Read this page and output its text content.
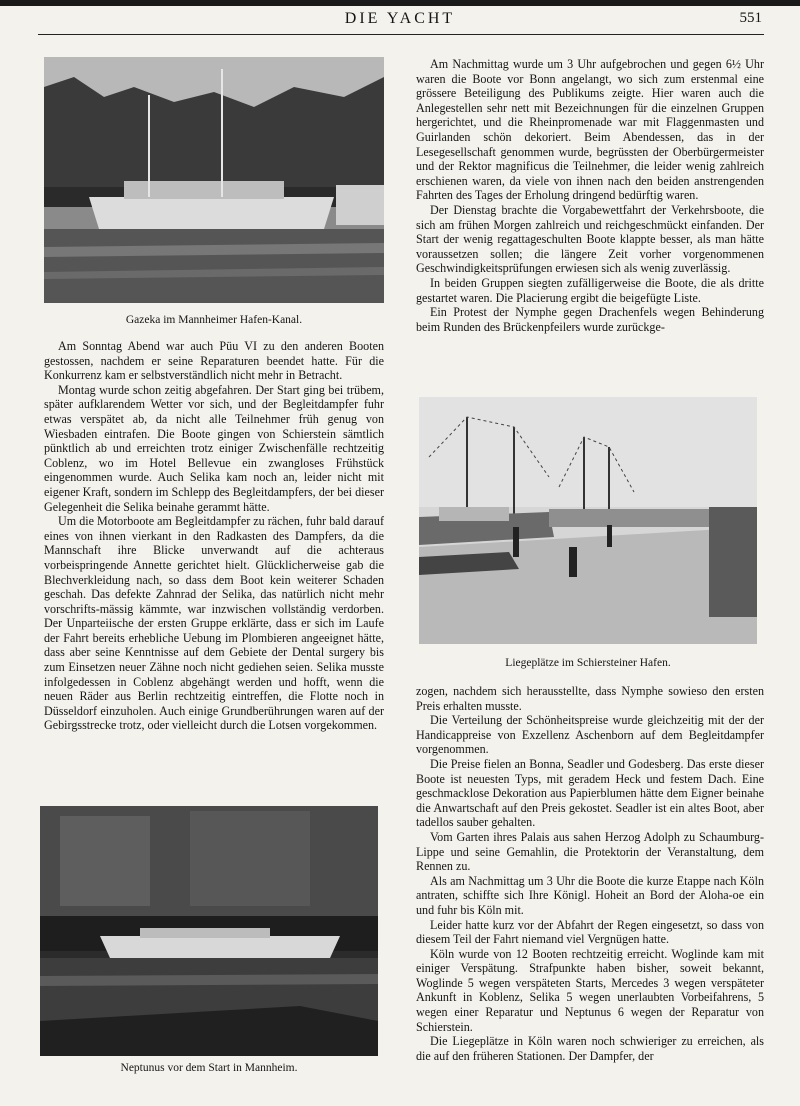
DIE YACHT	551
Gazeka im Mannheimer Hafen-Kanal.

Am Sonntag Abend war auch Püu VI zu den anderen Booten gestossen, nachdem er seine Reparaturen beendet hatte. Für die Konkurrenz kam er selbstverständlich nicht mehr in Betracht.

Montag wurde schon zeitig abgefahren. Der Start ging bei trübem, später aufklarendem Wetter vor sich, und der Begleitdampfer fuhr etwas verspätet ab, da nicht alle Teilnehmer früh genug von Wiesbaden eintrafen. Die Boote gingen von Schierstein sämtlich pünktlich ab und erreichten trotz einiger Zwischenfälle rechtzeitig Coblenz, wo im Hotel Bellevue ein zwangloses Frühstück eingenommen wurde. Auch Selika kam noch an, leider nicht mit eigener Kraft, sondern im Schlepp des Begleitdampfers, der bei dieser Gelegenheit die Selika beinahe gerammt hätte.

Um die Motorboote am Begleitdampfer zu rächen, fuhr bald darauf eines von ihnen vierkant in den Radkasten des Dampfers, da die Mannschaft ihre Blicke unverwandt auf die achteraus vorbeispringende Annette gerichtet hielt. Glücklicherweise gab die Blechverkleidung nach, so dass dem Boot kein weiterer Schaden geschah. Das defekte Zahnrad der Selika, das natürlich nicht mehr vorschrifts-mässig kämmte, war inzwischen vollständig verdorben. Der Unparteiische der ersten Gruppe erklärte, dass er sich im Laufe der Fahrt bereits erhebliche Uebung im Plombieren angeeignet hätte, dass aber seine Kenntnisse auf dem Gebiete der Dental surgery bis zum Einsetzen neuer Zähne noch nicht gediehen seien. Selika musste infolgedessen in Coblenz abgehängt werden und hofft, wenn die neuen Räder aus Berlin rechtzeitig eintreffen, die Flotte noch in Düsseldorf einzuholen. Auch einige Grundberührungen waren auf der Gebirgsstrecke trotz, oder vielleicht durch die Lotsen vorgekommen.

Neptunus vor dem Start in Mannheim.

Am Nachmittag wurde um 3 Uhr aufgebrochen und gegen 6½ Uhr waren die Boote vor Bonn angelangt, wo sich zum erstenmal eine grössere Beteiligung des Publikums zeigte. Hier waren auch die Anlegestellen sehr nett mit Bezeichnungen für die einzelnen Gruppen hergerichtet, und die Rheinpromenade war mit Flaggenmasten und Guirlanden schön dekoriert. Beim Abendessen, das in der Lesegesellschaft genommen wurde, begrüssten der Oberbürgermeister und der Rektor magnificus die Teilnehmer, die leider wenig zahlreich erschienen waren, da viele von ihnen nach den beiden anstrengenden Fahrten des Tages der Erholung dringend bedürftig waren.

Der Dienstag brachte die Vorgabewettfahrt der Verkehrsboote, die sich am frühen Morgen zahlreich und reichgeschmückt einfanden. Der Start der wenig regattageschulten Boote klappte besser, als man hätte voraussetzen sollen; die längere Zeit vorher vorgenommenen Geschwindigkeitsprüfungen erwiesen sich als wenig zuverlässig.

In beiden Gruppen siegten zufälligerweise die Boote, die als dritte gestartet waren. Die Placierung ergibt die beigefügte Liste.

Ein Protest der Nymphe gegen Drachenfels wegen Behinderung beim Runden des Brückenpfeilers wurde zurückge-

Liegeplätze im Schiersteiner Hafen.

zogen, nachdem sich herausstellte, dass Nymphe sowieso den ersten Preis erhalten musste.

Die Verteilung der Schönheitspreise wurde gleichzeitig mit der der Handicappreise von Exzellenz Aschenborn auf dem Begleitdampfer vorgenommen.

Die Preise fielen an Bonna, Seadler und Godesberg. Das erste dieser Boote ist neuesten Typs, mit geradem Heck und festem Dach. Eine geschmacklose Dekoration aus Papierblumen hätte dem Eigner beinahe die Anwartschaft auf den Preis gekostet. Seadler ist ein altes Boot, aber tadellos sauber gehalten.

Vom Garten ihres Palais aus sahen Herzog Adolph zu Schaumburg-Lippe und seine Gemahlin, die Protektorin der Veranstaltung, dem Rennen zu.

Als am Nachmittag um 3 Uhr die Boote die kurze Etappe nach Köln antraten, schiffte sich Ihre Königl. Hoheit an Bord der Aloha-oe ein und fuhr bis Köln mit.

Leider hatte kurz vor der Abfahrt der Regen eingesetzt, so dass von diesem Teil der Fahrt niemand viel Vergnügen hatte.

Köln wurde von 12 Booten rechtzeitig erreicht. Woglinde kam mit einiger Verspätung. Strafpunkte haben bisher, soweit bekannt, Woglinde 5 wegen verspäteten Starts, Mercedes 3 wegen verspäteter Ankunft in Koblenz, Selika 5 wegen unerlaubten Vorbeifahrens, 5 wegen einer Reparatur und Neptunus 6 wegen der Reparatur von Schierstein.

Die Liegeplätze in Köln waren noch schwieriger zu erreichen, als die auf den früheren Stationen. Der Dampfer, der
